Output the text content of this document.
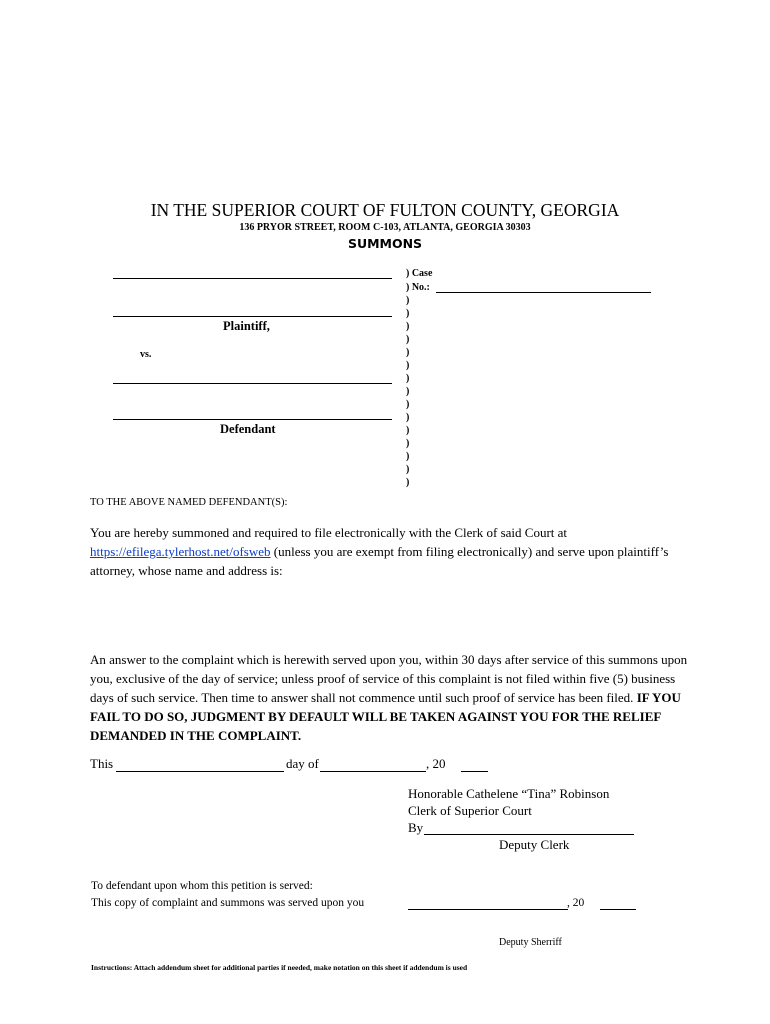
IN THE SUPERIOR COURT OF FULTON COUNTY, GEORGIA
136 PRYOR STREET, ROOM C-103, ATLANTA, GEORGIA 30303
SUMMONS
Plaintiff,
vs.
Defendant
) Case
) No.:
)
)
)
)
)
)
)
)
)
)
)
)
)
)
)
TO THE ABOVE NAMED DEFENDANT(S):
You are hereby summoned and required to file electronically with the Clerk of said Court at
https://efilega.tylerhost.net/ofsweb (unless you are exempt from filing electronically) and serve upon plaintiff’s attorney, whose name and address is:
An answer to the complaint which is herewith served upon you, within 30 days after service of this summons upon you, exclusive of the day of service; unless proof of service of this complaint is not filed within five (5) business days of such service. Then time to answer shall not commence until such proof of service has been filed. IF YOU FAIL TO DO SO, JUDGMENT BY DEFAULT WILL BE TAKEN AGAINST YOU FOR THE RELIEF DEMANDED IN THE COMPLAINT.
This	day of	, 20
Honorable Cathelene “Tina” Robinson
Clerk of Superior Court
By
Deputy Clerk
To defendant upon whom this petition is served:
This copy of complaint and summons was served upon you	, 20
Deputy Sherriff
Instructions: Attach addendum sheet for additional parties if needed, make notation on this sheet if addendum is used
